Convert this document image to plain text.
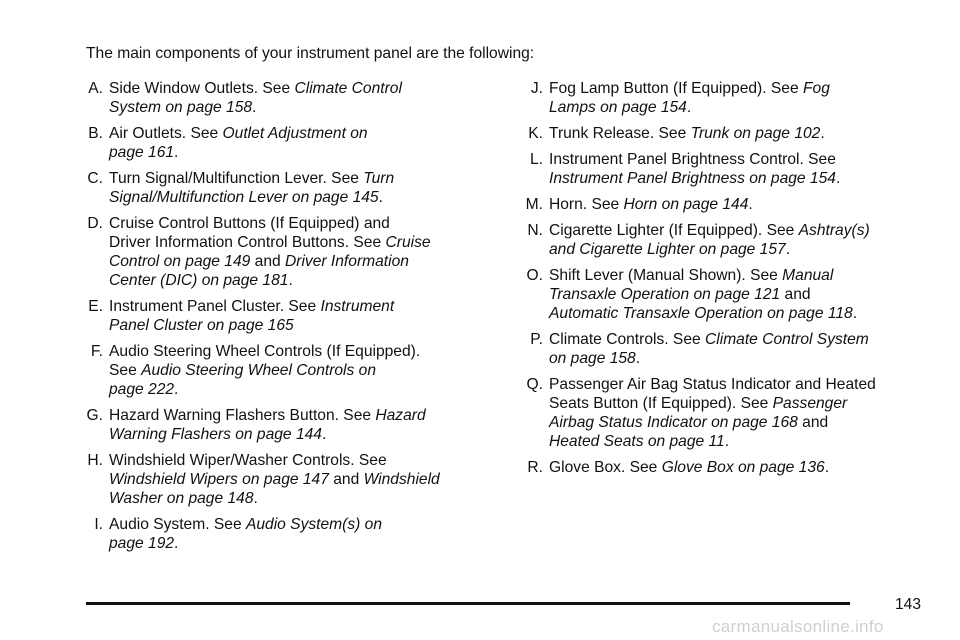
The main components of your instrument panel are the following:
A. Side Window Outlets. See Climate Control
System on page 158.
B. Air Outlets. See Outlet Adjustment on
page 161.
C. Turn Signal/Multifunction Lever. See Turn
Signal/Multifunction Lever on page 145.
D. Cruise Control Buttons (If Equipped) and
Driver Information Control Buttons. See Cruise
Control on page 149 and Driver Information
Center (DIC) on page 181.
E. Instrument Panel Cluster. See Instrument
Panel Cluster on page 165
F. Audio Steering Wheel Controls (If Equipped).
See Audio Steering Wheel Controls on
page 222.
G. Hazard Warning Flashers Button. See Hazard
Warning Flashers on page 144.
H. Windshield Wiper/Washer Controls. See
Windshield Wipers on page 147 and Windshield
Washer on page 148.
I. Audio System. See Audio System(s) on
page 192.
J. Fog Lamp Button (If Equipped). See Fog
Lamps on page 154.
K. Trunk Release. See Trunk on page 102.
L. Instrument Panel Brightness Control. See
Instrument Panel Brightness on page 154.
M. Horn. See Horn on page 144.
N. Cigarette Lighter (If Equipped). See Ashtray(s)
and Cigarette Lighter on page 157.
O. Shift Lever (Manual Shown). See Manual
Transaxle Operation on page 121 and
Automatic Transaxle Operation on page 118.
P. Climate Controls. See Climate Control System
on page 158.
Q. Passenger Air Bag Status Indicator and Heated
Seats Button (If Equipped). See Passenger
Airbag Status Indicator on page 168 and
Heated Seats on page 11.
R. Glove Box. See Glove Box on page 136.
143
carmanualsonline.info
